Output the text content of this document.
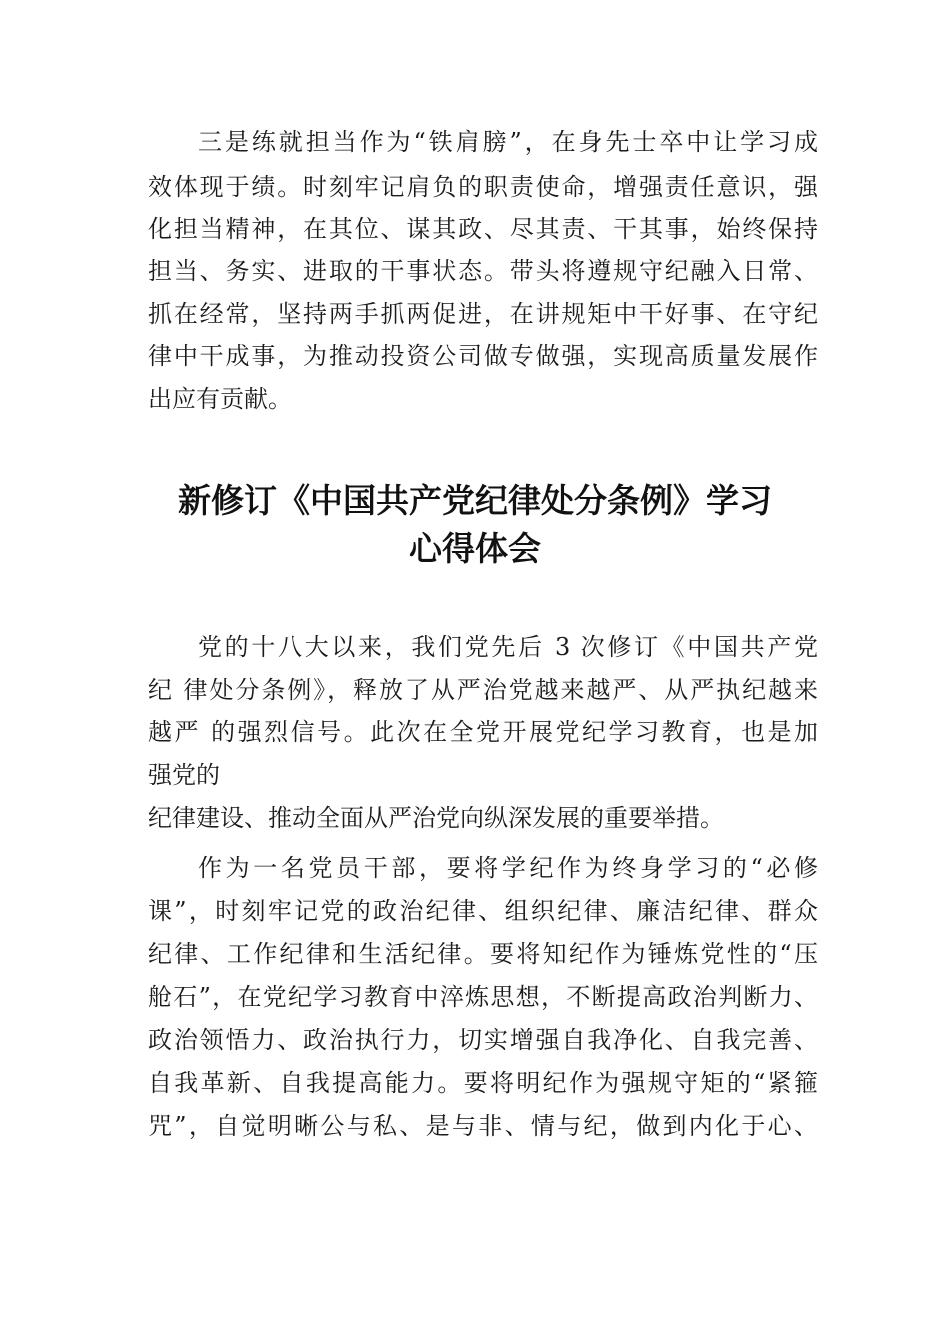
三是练就担当作为“铁肩膀”，在身先士卒中让学习成
效体现于绩。时刻牢记肩负的职责使命，增强责任意识，强
化担当精神，在其位、谋其政、尽其责、干其事，始终保持
担当、务实、进取的干事状态。带头将遵规守纪融入日常、
抓在经常，坚持两手抓两促进，在讲规矩中干好事、在守纪
律中干成事，为推动投资公司做专做强，实现高质量发展作
出应有贡献。
新修订《中国共产党纪律处分条例》学习
心得体会
党的十八大以来，我们党先后 3 次修订《中国共产党
纪 律处分条例》，释放了从严治党越来越严、从严执纪越来
越严 的强烈信号。此次在全党开展党纪学习教育，也是加
强党的
纪律建设、推动全面从严治党向纵深发展的重要举措。
作为一名党员干部，要将学纪作为终身学习的“必修
课”，时刻牢记党的政治纪律、组织纪律、廉洁纪律、群众
纪律、工作纪律和生活纪律。要将知纪作为锤炼党性的“压
舱石”，在党纪学习教育中淬炼思想，不断提高政治判断力、
政治领悟力、政治执行力，切实增强自我净化、自我完善、
自我革新、自我提高能力。要将明纪作为强规守矩的“紧箍
咒”，自觉明晰公与私、是与非、情与纪，做到内化于心、
